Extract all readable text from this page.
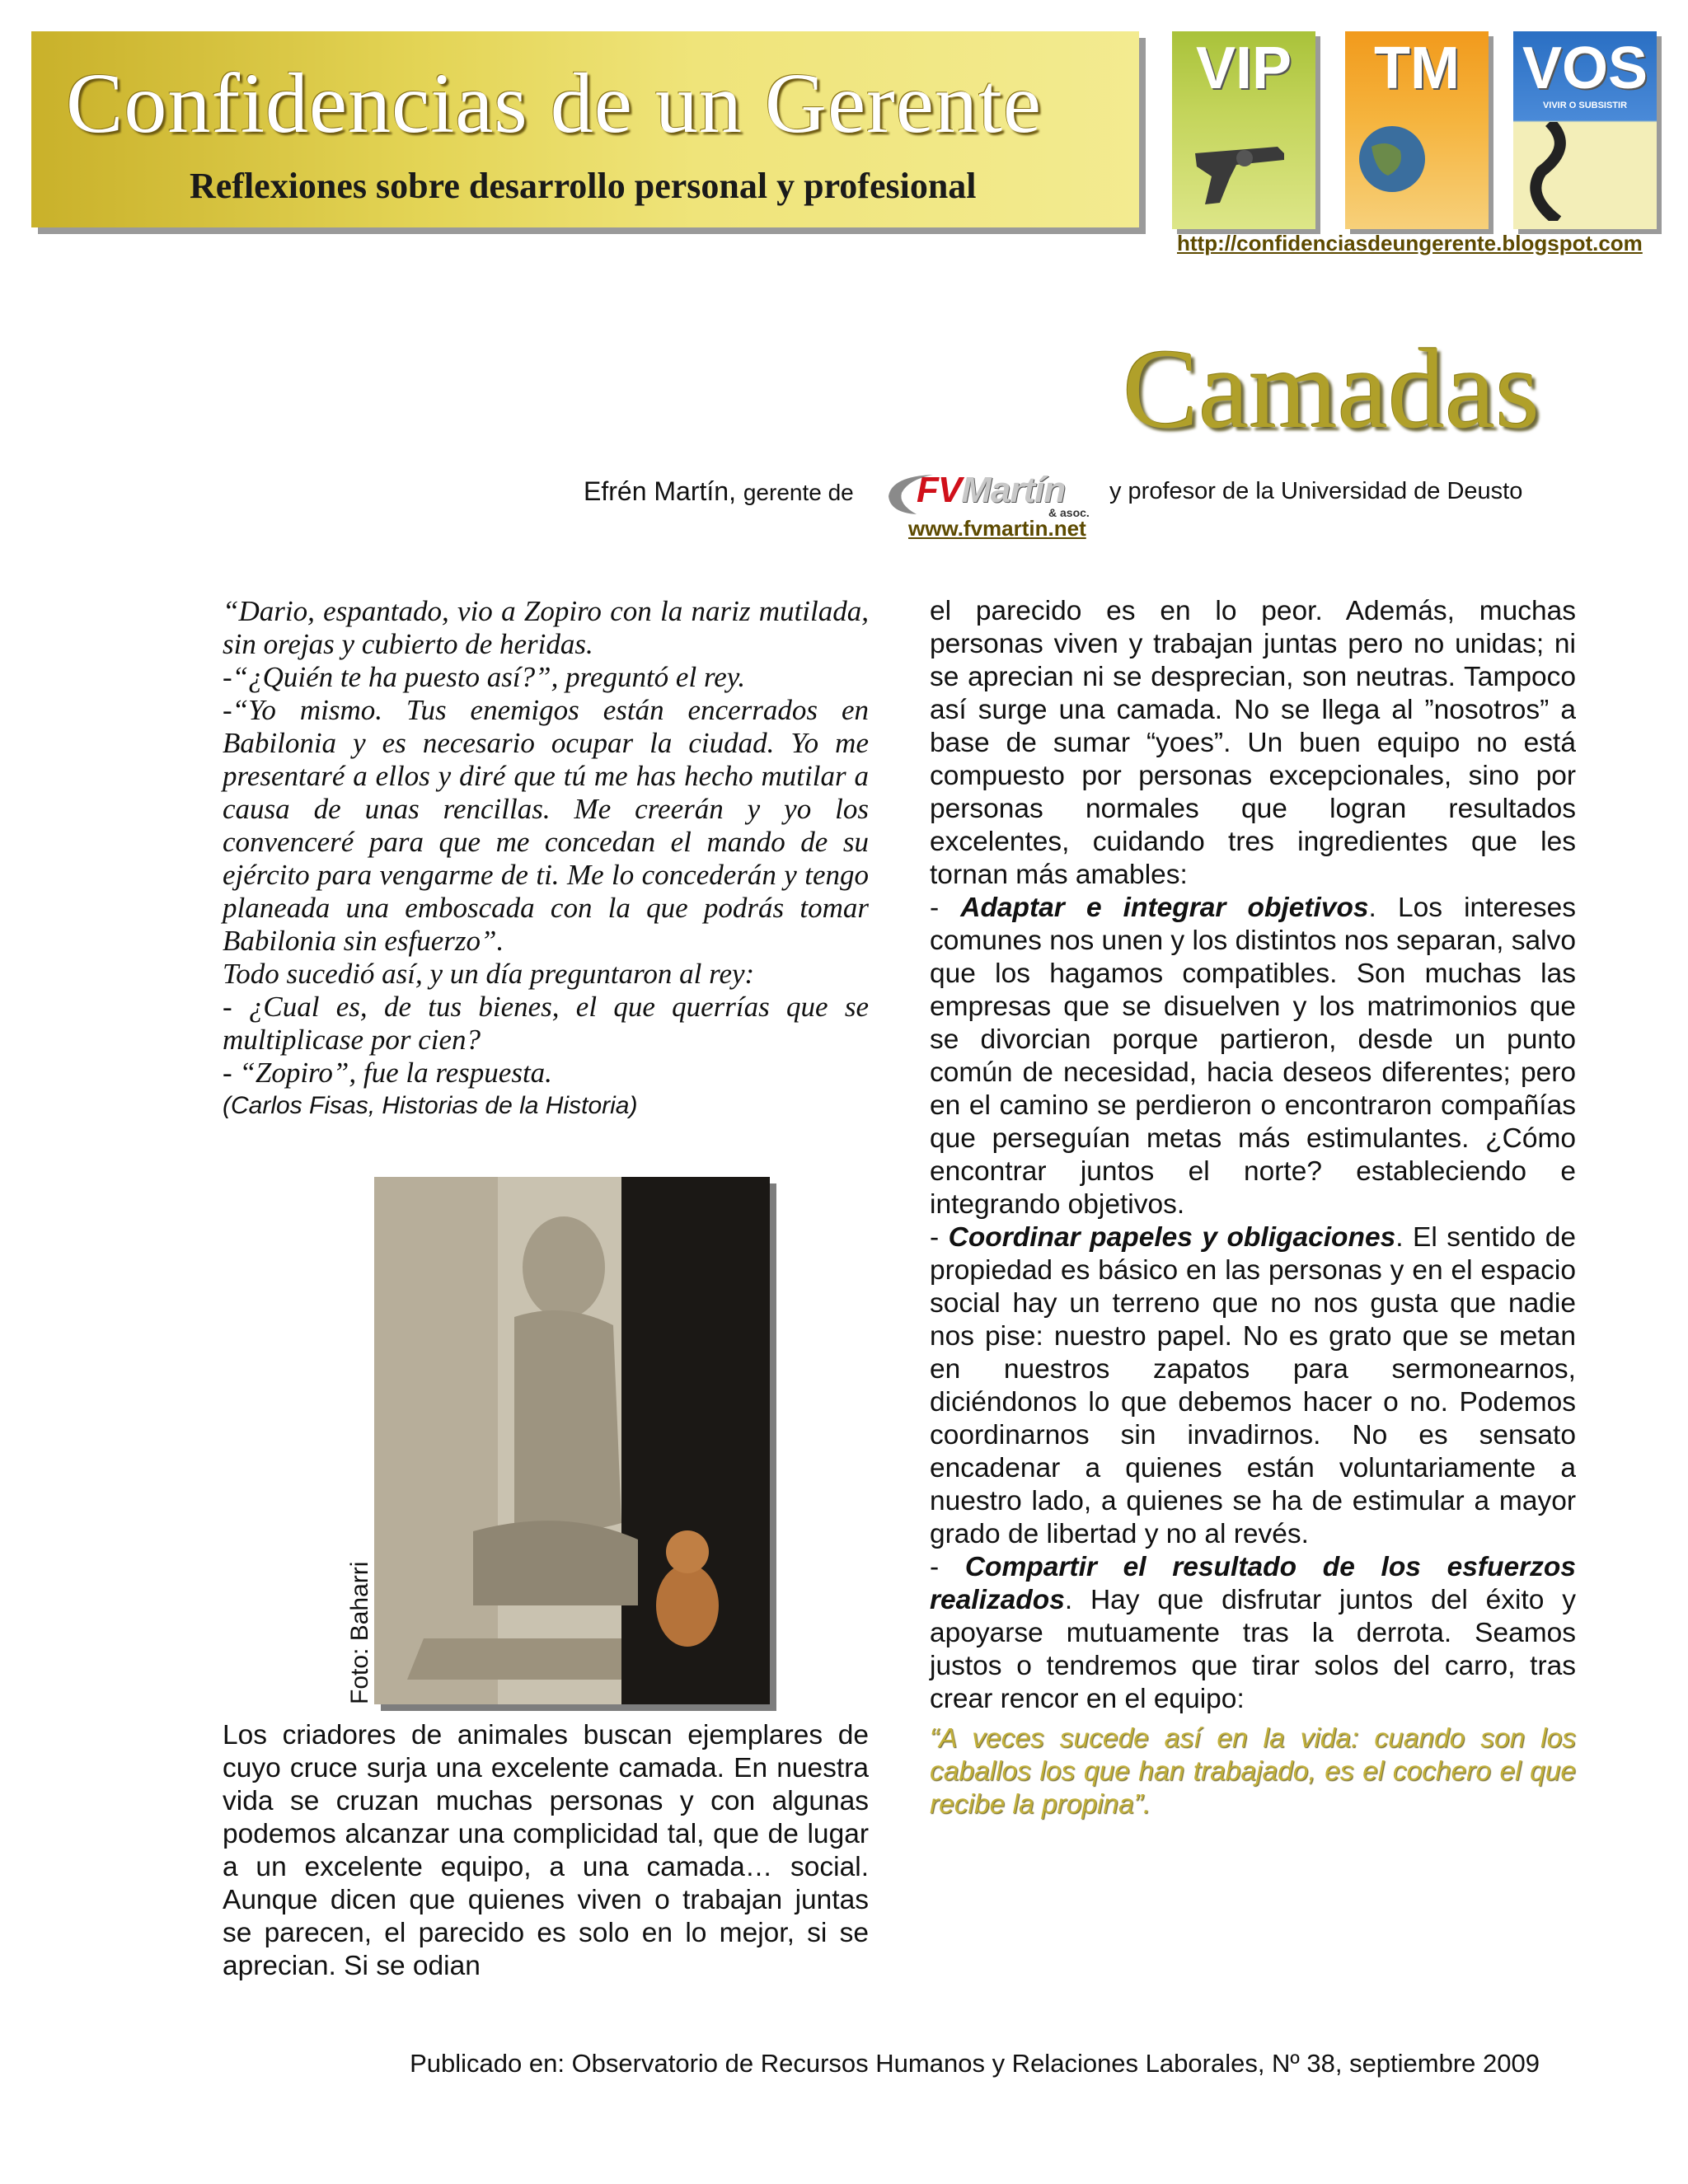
Confidencias de un Gerente
Reflexiones sobre desarrollo personal y profesional
VIP	TM	VOS
VIVIR O SUBSISTIR
http://confidenciasdeungerente.blogspot.com
Camadas
Efrén Martín, gerente de FVMartín
& asoc.
www.fvmartin.net
y profesor de la Universidad de Deusto

“Dario, espantado, vio a Zopiro con la nariz mutilada, sin orejas y cubierto de heridas.

-“¿Quién te ha puesto así?”, preguntó el rey.

-“Yo mismo. Tus enemigos están encerrados en Babilonia y es necesario ocupar la ciudad. Yo me presentaré a ellos y diré que tú me has hecho mutilar a causa de unas rencillas. Me creerán y yo los convenceré para que me concedan el mando de su ejército para vengarme de ti. Me lo concederán y tengo planeada una emboscada con la que podrás tomar Babilonia sin esfuerzo”.

Todo sucedió así, y un día preguntaron al rey:

- ¿Cual es, de tus bienes, el que querrías que se multiplicase por cien?

- “Zopiro”, fue la respuesta.

(Carlos Fisas, Historias de la Historia)

Foto: Baharri

Los criadores de animales buscan ejemplares de cuyo cruce surja una excelente camada. En nuestra vida se cruzan muchas personas y con algunas podemos alcanzar una complicidad tal, que de lugar a un excelente equipo, a una camada… social. Aunque dicen que quienes viven o trabajan juntas se parecen, el parecido es solo en lo mejor, si se aprecian. Si se odian

el parecido es en lo peor. Además, muchas personas viven y trabajan juntas pero no unidas; ni se aprecian ni se desprecian, son neutras. Tampoco así surge una camada. No se llega al ”nosotros” a base de sumar “yoes”. Un buen equipo no está compuesto por personas excepcionales, sino por personas normales que logran resultados excelentes, cuidando tres ingredientes que les tornan más amables:

- Adaptar e integrar objetivos. Los intereses comunes nos unen y los distintos nos separan, salvo que los hagamos compatibles. Son muchas las empresas que se disuelven y los matrimonios que se divorcian porque partieron, desde un punto común de necesidad, hacia deseos diferentes; pero en el camino se perdieron o encontraron compañías que perseguían metas más estimulantes. ¿Cómo encontrar juntos el norte? estableciendo e integrando objetivos.

- Coordinar papeles y obligaciones. El sentido de propiedad es básico en las personas y en el espacio social hay un terreno que no nos gusta que nadie nos pise: nuestro papel. No es grato que se metan en nuestros zapatos para sermonearnos, diciéndonos lo que debemos hacer o no. Podemos coordinarnos sin invadirnos. No es sensato encadenar a quienes están voluntariamente a nuestro lado, a quienes se ha de estimular a mayor grado de libertad y no al revés.

- Compartir el resultado de los esfuerzos realizados. Hay que disfrutar juntos del éxito y apoyarse mutuamente tras la derrota. Seamos justos o tendremos que tirar solos del carro, tras crear rencor en el equipo:

“A veces sucede así en la vida: cuando son los caballos los que han trabajado, es el cochero el que recibe la propina”.

Publicado en: Observatorio de Recursos Humanos y Relaciones Laborales, Nº 38, septiembre 2009
